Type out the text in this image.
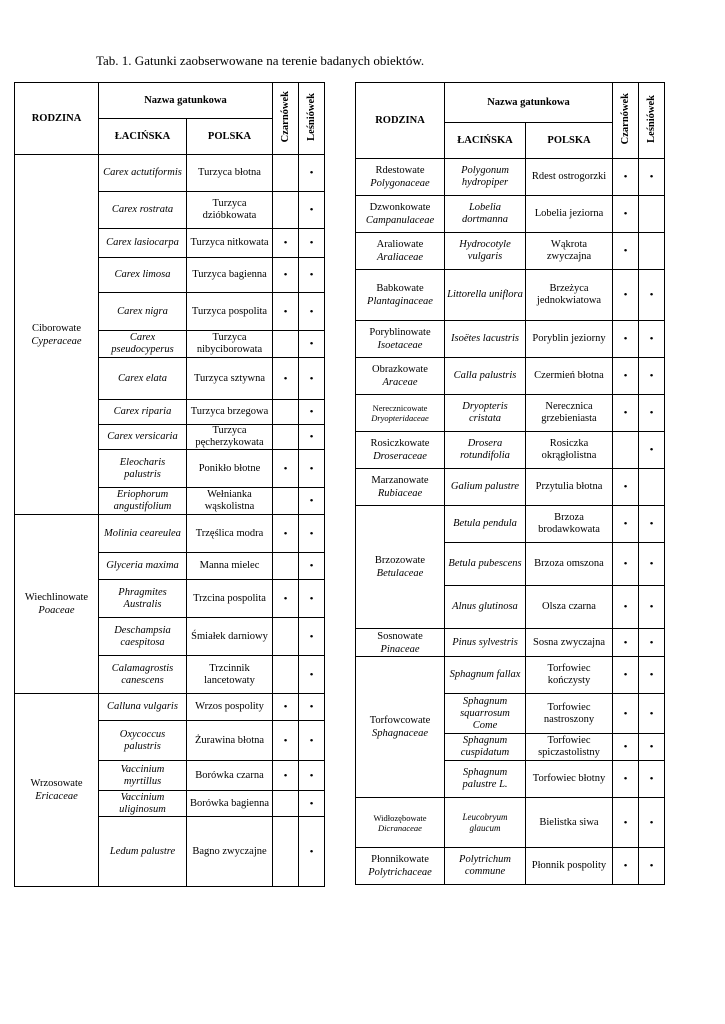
Tab. 1. Gatunki zaobserwowane na terenie badanych obiektów.
RODZINA	Nazwa gatunkowa		Czarnówek	Leśniówek
	ŁACIŃSKA	POLSKA		
Ciborowate
Cyperaceae	Carex actutiformis	Turzyca błotna		•
	Carex rostrata	Turzyca dzióbkowata		•
	Carex lasiocarpa	Turzyca nitkowata	•	•
	Carex limosa	Turzyca bagienna	•	•
	Carex nigra	Turzyca pospolita	•	•
	Carex pseudocyperus	Turzyca nibyciborowata		•
	Carex elata	Turzyca sztywna	•	•
	Carex riparia	Turzyca brzegowa		•
	Carex versicaria	Turzyca pęcherzykowata		•
	Eleocharis palustris	Ponikło błotne	•	•
	Eriophorum angustifolium	Wełnianka wąskolistna		•
Wiechlinowate
Poaceae	Molinia ceareulea	Trzęślica modra	•	•
	Glyceria maxima	Manna mielec		•
	Phragmites Australis	Trzcina pospolita	•	•
	Deschampsia caespitosa	Śmiałek darniowy		•
	Calamagrostis canescens	Trzcinnik lancetowaty		•
Wrzosowate
Ericaceae	Calluna vulgaris	Wrzos pospolity	•	•
	Oxycoccus palustris	Żurawina błotna	•	•
	Vaccinium myrtillus	Borówka czarna	•	•
	Vaccinium uliginosum	Borówka bagienna		•
	Ledum palustre	Bagno zwyczajne		•
RODZINA	Nazwa gatunkowa		Czarnówek	Leśniówek
	ŁACIŃSKA	POLSKA		
Rdestowate
Polygonaceae	Polygonum hydropiper	Rdest ostrogorzki	•	•
Dzwonkowate
Campanulaceae	Lobelia dortmanna	Lobelia jeziorna	•	
Araliowate
Araliaceae	Hydrocotyle vulgaris	Wąkrota zwyczajna	•	
Babkowate
Plantaginaceae	Littorella uniflora	Brzeżyca jednokwiatowa	•	•
Poryblinowate
Isoetaceae	Isoëtes lacustris	Poryblin jeziorny	•	•
Obrazkowate
Araceae	Calla palustris	Czermień błotna	•	•
Nerecznicowate
Dryopteridaceae	Dryopteris cristata	Nerecznica grzebieniasta	•	•
Rosiczkowate
Droseraceae	Drosera rotundifolia	Rosiczka okrągłolistna		•
Marzanowate
Rubiaceae	Galium palustre	Przytulia błotna	•	
Brzozowate
Betulaceae	Betula pendula	Brzoza brodawkowata	•	•
	Betula pubescens	Brzoza omszona	•	•
	Alnus glutinosa	Olsza czarna	•	•
Sosnowate
Pinaceae	Pinus sylvestris	Sosna zwyczajna	•	•
Torfowcowate
Sphagnaceae	Sphagnum fallax	Torfowiec kończysty	•	•
	Sphagnum squarrosum Come	Torfowiec nastroszony	•	•
	Sphagnum cuspidatum	Torfowiec spiczastolistny	•	•
	Sphagnum palustre L.	Torfowiec błotny	•	•
Widłozębowate
Dicranaceae	Leucobryum glaucum	Bielistka siwa	•	•
Płonnikowate
Polytrichaceae	Polytrichum commune	Płonnik pospolity	•	•
